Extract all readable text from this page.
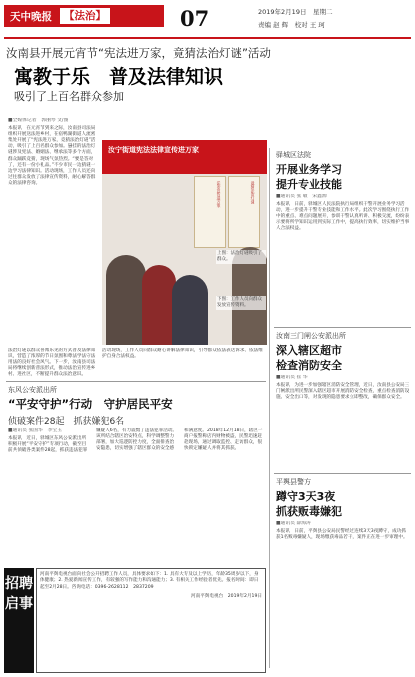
天中晚报	【法治】	07	2019年2月19日　星期二
责编 赵 辉　校对 王 珂
汝南县开展元宵节“宪法进万家，竟猜法治灯谜”活动
寓教于乐　普及法律知识
吸引了上百名群众参加
■全媒体记者　郭丽琴 文/图
本报讯　在元宵节到来之际，汝南县司法局组织开展送法进乡村，在宿鸭湖街道人流密集处开展了“宪法进万家，竞猜法治灯谜”活动，吸引了上百名群众参加。悬挂的法治灯谜涉及宪法、婚姻法、继承法等多个方面，群众踊跃竞猜，现场气氛热烈。“要是答对了，还有一份小礼品。”不少市民一边猜谜一边学习法律知识。活动现场，工作人员还向过往群众发放了法律宣传资料，耐心解答群众的法律咨询。
汝宁街道宪法法律宣传进万家
法治宣传进万家	竟猜法治灯谜
上图：法治灯谜吸引了群众。
下图：工作人员向群众发放宣传资料。
活动现场，工作人员向群众耐心讲解法律知识，引导群众依法表达诉求、依法维护自身合法权益。
法治灯谜以群众喜闻乐见的方式普及法律知识，营造了浓厚的节日氛围和尊法学法守法用法的良好社会风气。下一步，汝南县司法局将继续创新普法形式，推动法治宣传进乡村、进社区，不断提升群众法治意识。
东风公安派出所
“平安守护”行动　守护居民平安
侦破案件28起　抓获嫌犯6名
■通讯员 张国华　李宝玉
本报讯　近日，驿城区东风公安派出所积极开展“平安守护”专项行动，截至目前共侦破各类案件28起，抓获违法犯罪嫌疑人6名，有力震慑了违法犯罪活动。该所结合辖区治安特点，科学调整警力部署，加大巡逻防控力度，全面排查治安隐患，切实增强了辖区群众的安全感和满意度。2018年12月18日，辖区一商户报警称店内财物被盗，民警迅速赶赴现场，通过调取监控、走访群众，很快锁定嫌疑人并将其抓获。
驿城区法院
开展业务学习
提升专业技能
■通讯员 张 敏　宋鑫源
本报讯　日前，驿城区人民法院执行局组织干警开展业务学习活动，进一步提升干警专业技能和工作水平。此次学习围绕执行工作中的重点、难点问题展开，参训干警认真听讲、积极交流，纷纷表示要将所学知识运用到实际工作中，提高执行效率，切实维护当事人合法权益。
汝南三门闸公安派出所
深入辖区超市
检查消防安全
■通讯员 崔 华
本报讯　为进一步加强辖区消防安全管理，近日，汝南县公安局三门闸派出所民警深入辖区超市开展消防安全检查，重点检查消防设施、安全出口等，对发现的隐患要求立即整改，确保群众安全。
平舆县警方
蹲守3天3夜
抓获贩毒嫌犯
■通讯员 薛海涛
本报讯　日前，平舆县公安局民警经过连续3天3夜蹲守，成功抓获1名贩毒嫌疑人，现场缴获毒品若干，案件正在进一步审理中。
招聘启事
河南平舆电视台面向社会公开招聘工作人员，具体要求如下：1. 具有大专及以上学历，年龄35周岁以下，身体健康；2. 热爱新闻宣传工作，有较强的写作能力和沟通能力；3. 有相关工作经验者优先。报名时间：即日起至2月28日。咨询电话：0396-2628112　2837209
河南平舆电视台　2019年2月19日
